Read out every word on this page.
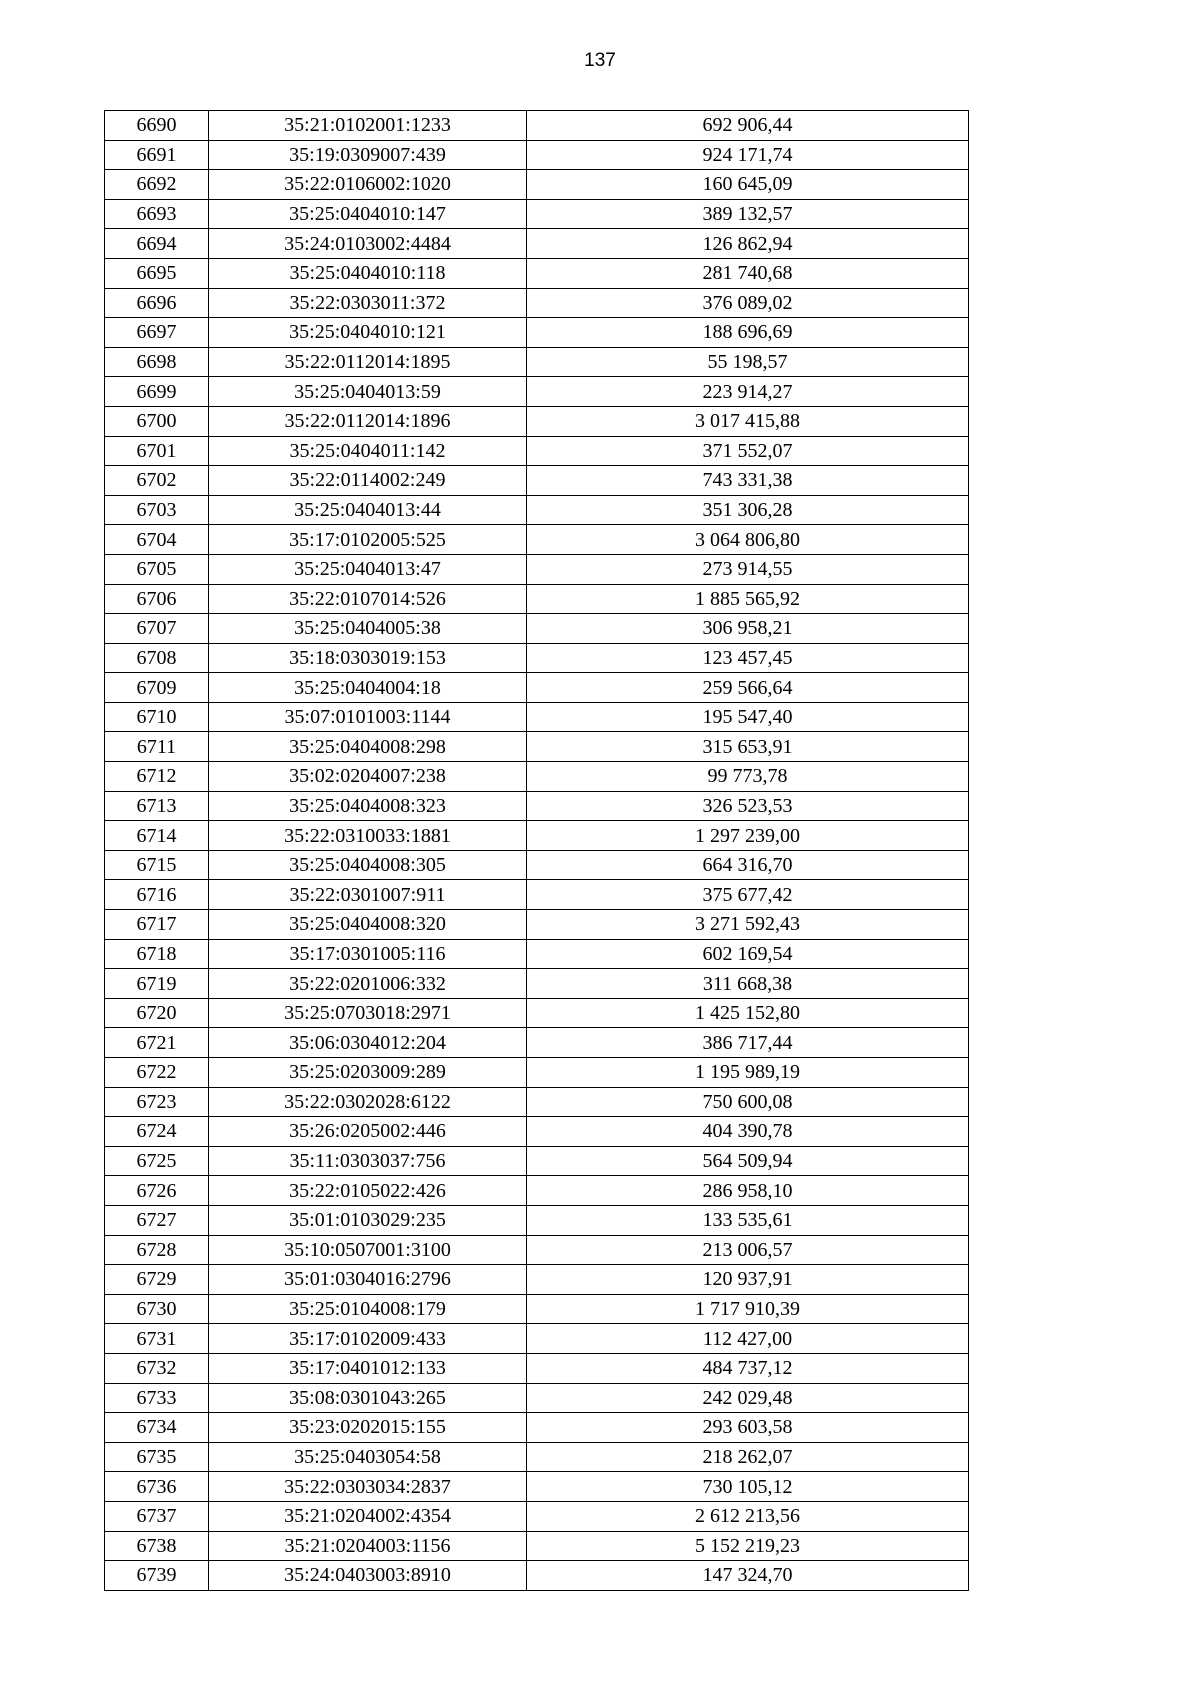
137
6690	35:21:0102001:1233	692 906,44
6691	35:19:0309007:439	924 171,74
6692	35:22:0106002:1020	160 645,09
6693	35:25:0404010:147	389 132,57
6694	35:24:0103002:4484	126 862,94
6695	35:25:0404010:118	281 740,68
6696	35:22:0303011:372	376 089,02
6697	35:25:0404010:121	188 696,69
6698	35:22:0112014:1895	55 198,57
6699	35:25:0404013:59	223 914,27
6700	35:22:0112014:1896	3 017 415,88
6701	35:25:0404011:142	371 552,07
6702	35:22:0114002:249	743 331,38
6703	35:25:0404013:44	351 306,28
6704	35:17:0102005:525	3 064 806,80
6705	35:25:0404013:47	273 914,55
6706	35:22:0107014:526	1 885 565,92
6707	35:25:0404005:38	306 958,21
6708	35:18:0303019:153	123 457,45
6709	35:25:0404004:18	259 566,64
6710	35:07:0101003:1144	195 547,40
6711	35:25:0404008:298	315 653,91
6712	35:02:0204007:238	99 773,78
6713	35:25:0404008:323	326 523,53
6714	35:22:0310033:1881	1 297 239,00
6715	35:25:0404008:305	664 316,70
6716	35:22:0301007:911	375 677,42
6717	35:25:0404008:320	3 271 592,43
6718	35:17:0301005:116	602 169,54
6719	35:22:0201006:332	311 668,38
6720	35:25:0703018:2971	1 425 152,80
6721	35:06:0304012:204	386 717,44
6722	35:25:0203009:289	1 195 989,19
6723	35:22:0302028:6122	750 600,08
6724	35:26:0205002:446	404 390,78
6725	35:11:0303037:756	564 509,94
6726	35:22:0105022:426	286 958,10
6727	35:01:0103029:235	133 535,61
6728	35:10:0507001:3100	213 006,57
6729	35:01:0304016:2796	120 937,91
6730	35:25:0104008:179	1 717 910,39
6731	35:17:0102009:433	112 427,00
6732	35:17:0401012:133	484 737,12
6733	35:08:0301043:265	242 029,48
6734	35:23:0202015:155	293 603,58
6735	35:25:0403054:58	218 262,07
6736	35:22:0303034:2837	730 105,12
6737	35:21:0204002:4354	2 612 213,56
6738	35:21:0204003:1156	5 152 219,23
6739	35:24:0403003:8910	147 324,70
